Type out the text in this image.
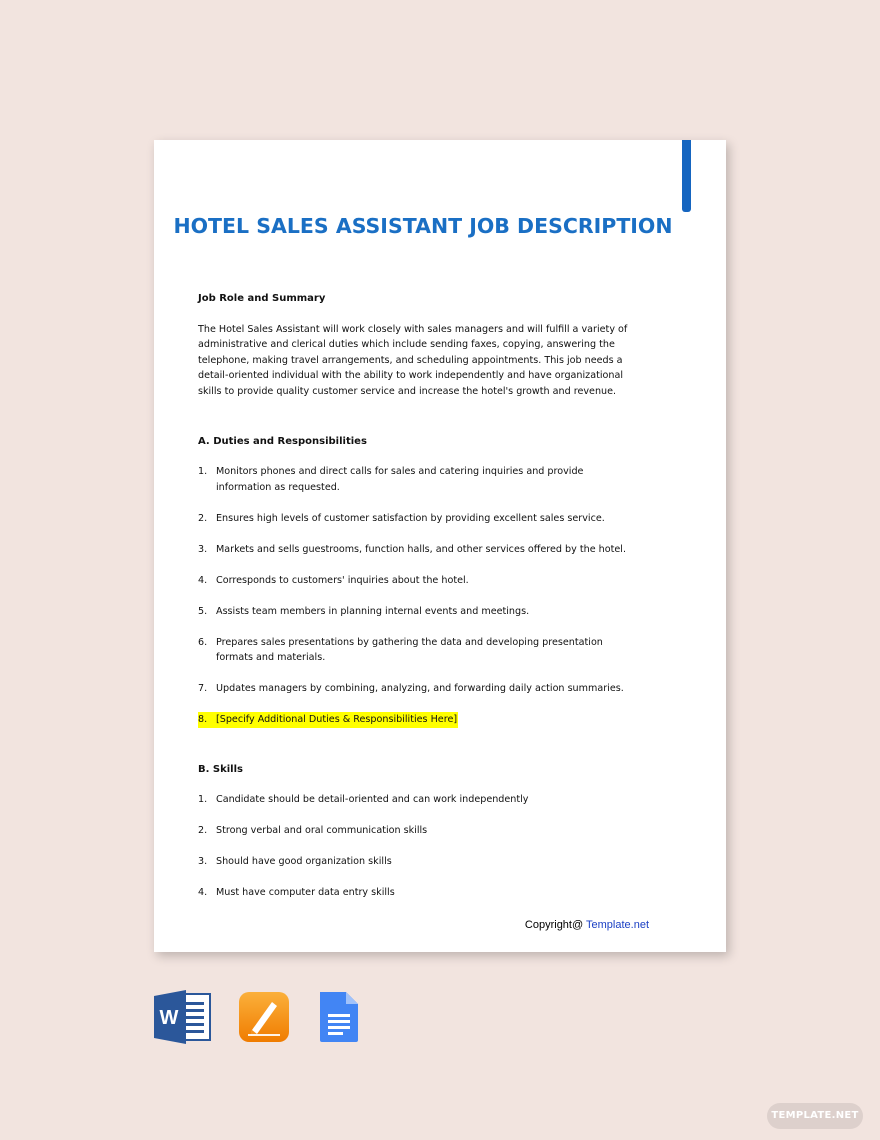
HOTEL SALES ASSISTANT JOB DESCRIPTION

Job Role and Summary

The Hotel Sales Assistant will work closely with sales managers and will fulfill a variety of administrative and clerical duties which include sending faxes, copying, answering the telephone, making travel arrangements, and scheduling appointments. This job needs a detail-oriented individual with the ability to work independently and have organizational skills to provide quality customer service and increase the hotel's growth and revenue.

A. Duties and Responsibilities

1. Monitors phones and direct calls for sales and catering inquiries and provide information as requested.
2. Ensures high levels of customer satisfaction by providing excellent sales service.
3. Markets and sells guestrooms, function halls, and other services offered by the hotel.
4. Corresponds to customers' inquiries about the hotel.
5. Assists team members in planning internal events and meetings.
6. Prepares sales presentations by gathering the data and developing presentation formats and materials.
7. Updates managers by combining, analyzing, and forwarding daily action summaries.
8. [Specify Additional Duties & Responsibilities Here]

B. Skills

1. Candidate should be detail-oriented and can work independently
2. Strong verbal and oral communication skills
3. Should have good organization skills
4. Must have computer data entry skills
Copyright@ Template.net
W
TEMPLATE.NET
